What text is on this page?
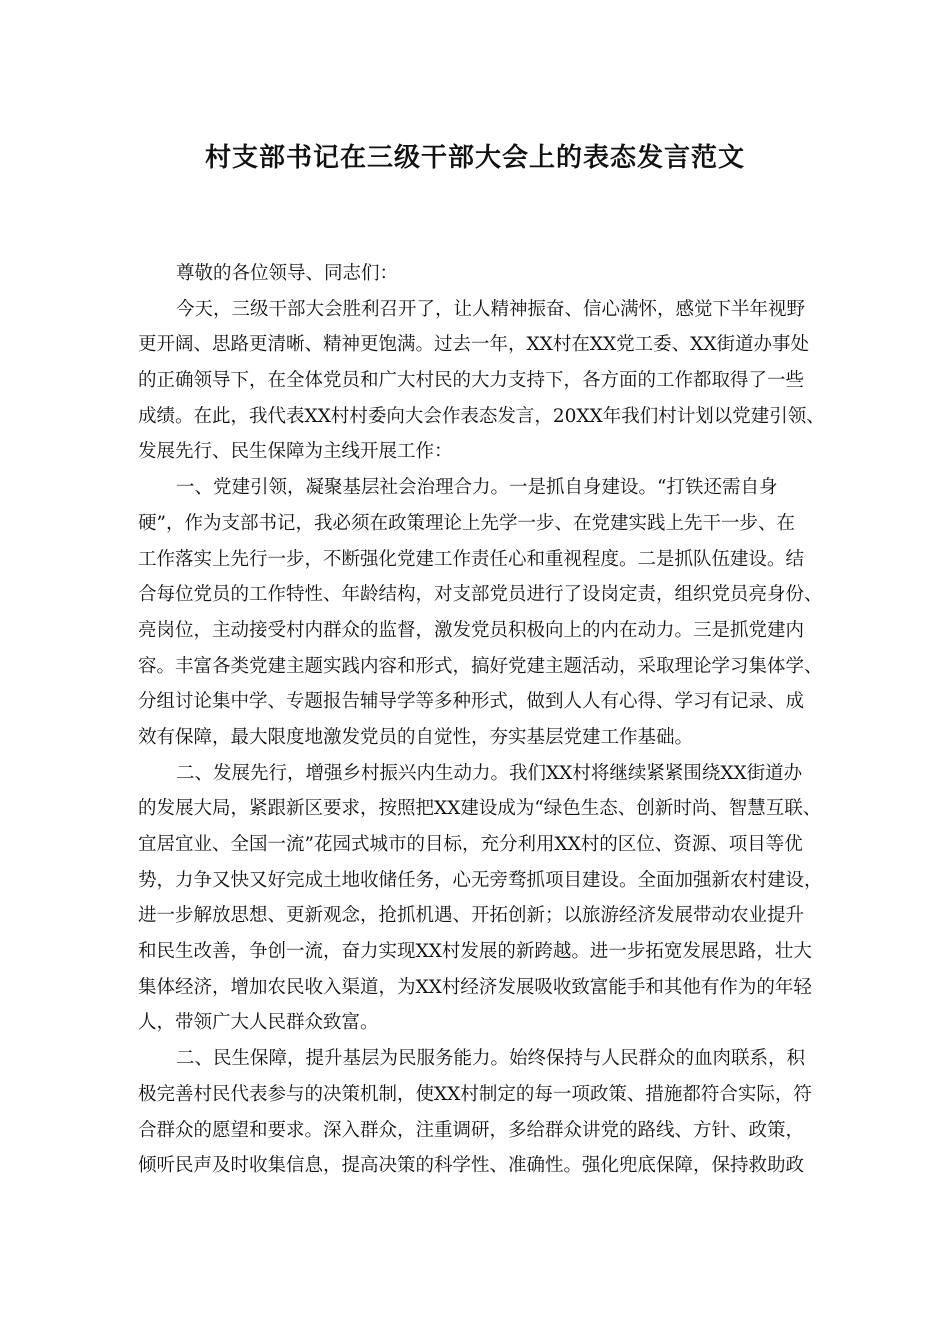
村支部书记在三级干部大会上的表态发言范文
尊敬的各位领导、同志们：
今天，三级干部大会胜利召开了，让人精神振奋、信心满怀，感觉下半年视野
更开阔、思路更清晰、精神更饱满。过去一年，XX村在XX党工委、XX街道办事处
的正确领导下，在全体党员和广大村民的大力支持下，各方面的工作都取得了一些
成绩。在此，我代表XX村村委向大会作表态发言，20XX年我们村计划以党建引领、
发展先行、民生保障为主线开展工作：
一、党建引领，凝聚基层社会治理合力。一是抓自身建设。“打铁还需自身
硬”，作为支部书记，我必须在政策理论上先学一步、在党建实践上先干一步、在
工作落实上先行一步，不断强化党建工作责任心和重视程度。二是抓队伍建设。结
合每位党员的工作特性、年龄结构，对支部党员进行了设岗定责，组织党员亮身份、
亮岗位，主动接受村内群众的监督，激发党员积极向上的内在动力。三是抓党建内
容。丰富各类党建主题实践内容和形式，搞好党建主题活动，采取理论学习集体学、
分组讨论集中学、专题报告辅导学等多种形式，做到人人有心得、学习有记录、成
效有保障，最大限度地激发党员的自觉性，夯实基层党建工作基础。
二、发展先行，增强乡村振兴内生动力。我们XX村将继续紧紧围绕XX街道办
的发展大局，紧跟新区要求，按照把XX建设成为“绿色生态、创新时尚、智慧互联、
宜居宜业、全国一流”花园式城市的目标，充分利用XX村的区位、资源、项目等优
势，力争又快又好完成土地收储任务，心无旁骛抓项目建设。全面加强新农村建设，
进一步解放思想、更新观念，抢抓机遇、开拓创新；以旅游经济发展带动农业提升
和民生改善，争创一流，奋力实现XX村发展的新跨越。进一步拓宽发展思路，壮大
集体经济，增加农民收入渠道，为XX村经济发展吸收致富能手和其他有作为的年轻
人，带领广大人民群众致富。
二、民生保障，提升基层为民服务能力。始终保持与人民群众的血肉联系，积
极完善村民代表参与的决策机制，使XX村制定的每一项政策、措施都符合实际，符
合群众的愿望和要求。深入群众，注重调研，多给群众讲党的路线、方针、政策，
倾听民声及时收集信息，提高决策的科学性、准确性。强化兜底保障，保持救助政
